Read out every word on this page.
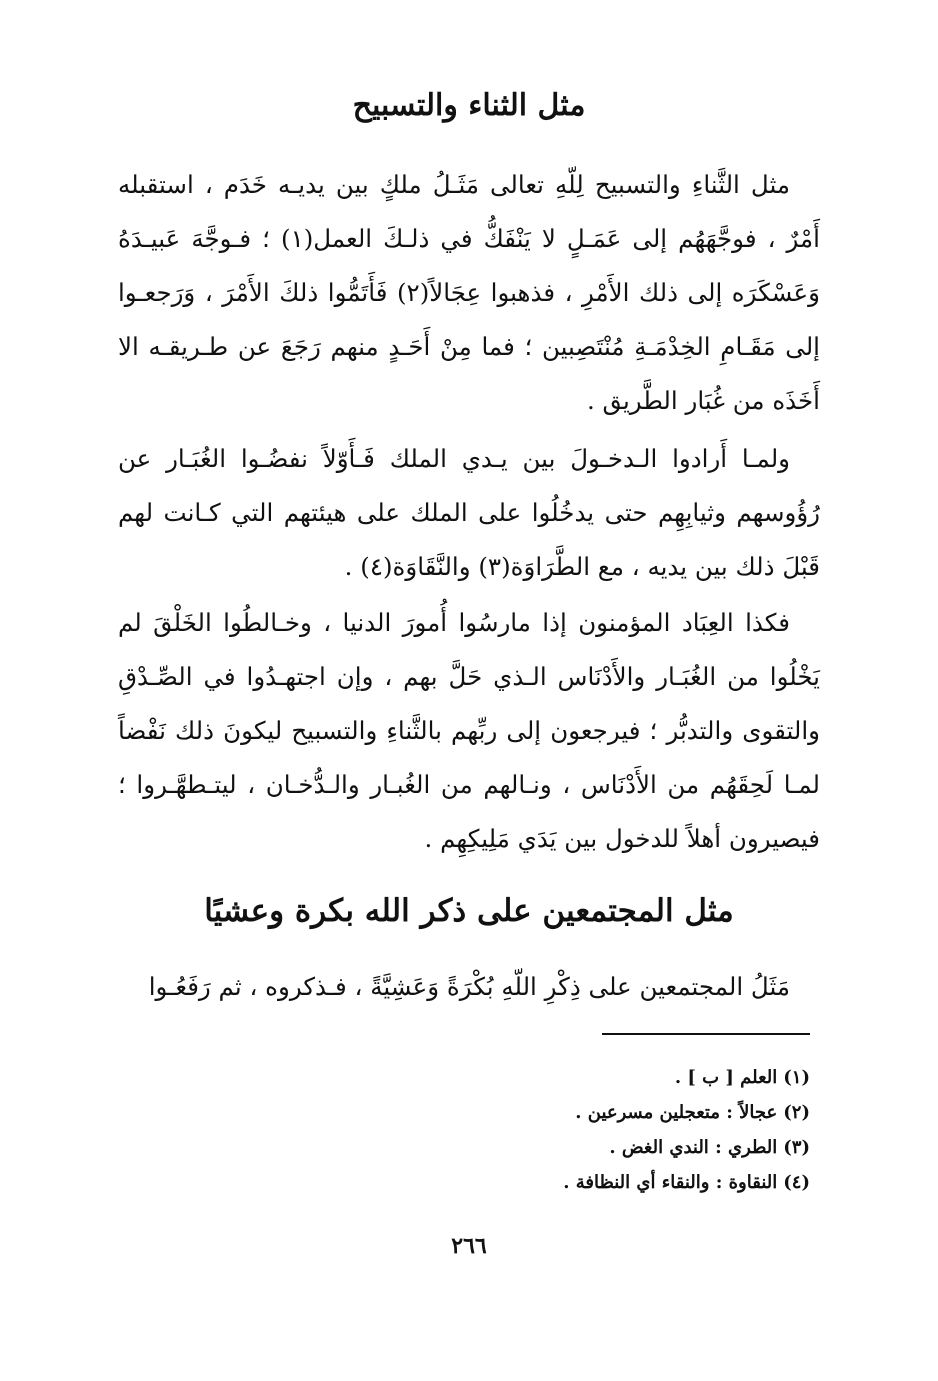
مثل الثناء والتسبيح

مثل الثَّناءِ والتسبيح لِلّهِ تعالى مَثَـلُ ملكٍ بين يديـه خَدَم ، استقبله أَمْرٌ ، فوجَّهَهُم إلى عَمَـلٍ لا يَنْفَكُّ في ذلـكَ العمل(١) ؛ فـوجَّهَ عَبيـدَهُ وَعَسْكَرَه إلى ذلك الأَمْرِ ، فذهبوا عِجَالاً(٢) فَأَتَمُّوا ذلكَ الأَمْرَ ، وَرَجعـوا إلى مَقَـامِ الخِدْمَـةِ مُنْتَصِبين ؛ فما مِنْ أَحَـدٍ منهم رَجَعَ عن طـريقـه الا أَخَذَه من غُبَار الطَّريق .

ولمـا أَرادوا الـدخـولَ بين يـدي الملك فَـأَوّلاً نفضُـوا الغُبَـار عن رُؤُوسهم وثيابِهِم حتى يدخُلُوا على الملك على هيئتهم التي كـانت لهم قَبْلَ ذلك بين يديه ، مع الطَّرَاوَة(٣) والنَّقَاوَة(٤) .

فكذا العِبَاد المؤمنون إذا مارسُوا أُمورَ الدنيا ، وخـالطُوا الخَلْقَ لم يَخْلُوا من الغُبَـار والأَدْنَاس الـذي حَلَّ بهم ، وإن اجتهـدُوا في الصِّـدْقِ والتقوى والتدبُّر ؛ فيرجعون إلى ربِّهم بالثَّناءِ والتسبيح ليكونَ ذلك نَفْضاً لمـا لَحِقَهُم من الأَدْنَاس ، ونـالهم من الغُبـار والـدُّخـان ، ليتـطهَّـروا ؛ فيصيرون أهلاً للدخول بين يَدَي مَلِيكِهِم .

مثل المجتمعين على ذكر الله بكرة وعشيًا

مَثَلُ المجتمعين على ذِكْرِ اللّهِ بُكْرَةً وَعَشِيَّةً ، فـذكروه ، ثم رَفَعُـوا

(١)العلم [ ب ] .
(٢)عجالاً : متعجلين مسرعين .
(٣)الطري : الندي الغض .
(٤)النقاوة : والنقاء أي النظافة .
٢٦٦
